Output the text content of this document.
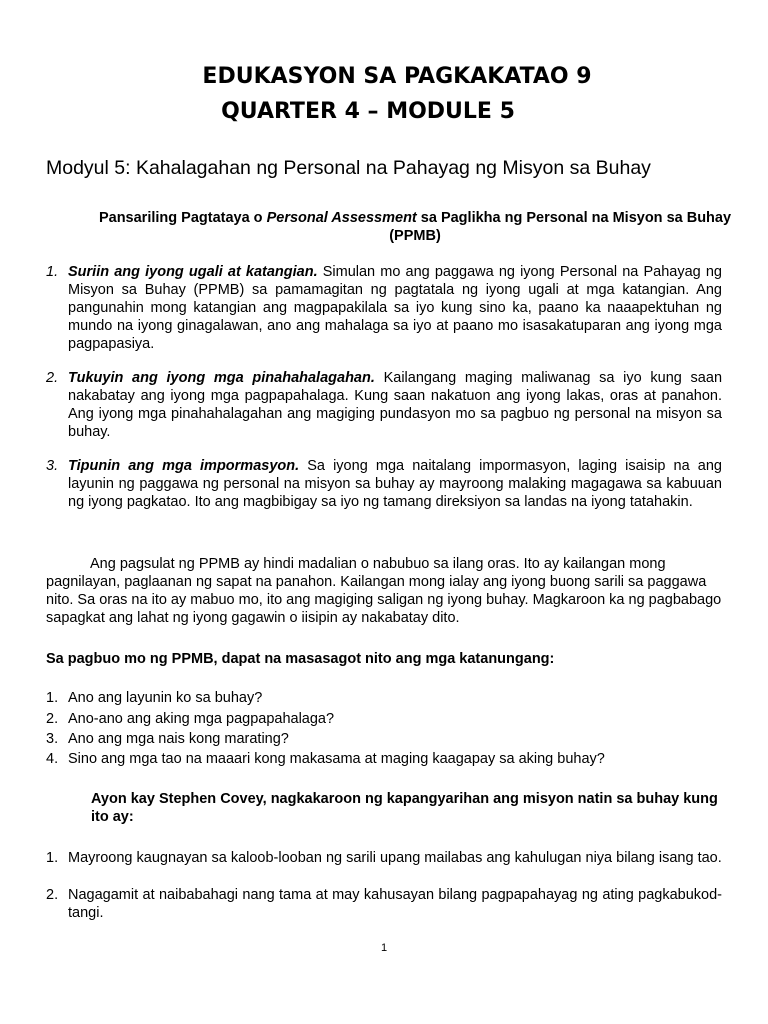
EDUKASYON SA PAGKAKATAO 9
QUARTER 4 – MODULE 5
Modyul 5: Kahalagahan ng Personal na Pahayag ng Misyon sa Buhay

Pansariling Pagtataya o Personal Assessment sa Paglikha ng Personal na Misyon sa Buhay (PPMB)

1. Suriin ang iyong ugali at katangian. Simulan mo ang paggawa ng iyong Personal na Pahayag ng Misyon sa Buhay (PPMB) sa pamamagitan ng pagtatala ng iyong ugali at mga katangian. Ang pangunahin mong katangian ang magpapakilala sa iyo kung sino ka, paano ka naaapektuhan ng mundo na iyong ginagalawan, ano ang mahalaga sa iyo at paano mo isasakatuparan ang iyong mga pagpapasiya.

2. Tukuyin ang iyong mga pinahahalagahan. Kailangang maging maliwanag sa iyo kung saan nakabatay ang iyong mga pagpapahalaga. Kung saan nakatuon ang iyong lakas, oras at panahon. Ang iyong mga pinahahalagahan ang magiging pundasyon mo sa pagbuo ng personal na misyon sa buhay.

3. Tipunin ang mga impormasyon. Sa iyong mga naitalang impormasyon, laging isaisip na ang layunin ng paggawa ng personal na misyon sa buhay ay mayroong malaking magagawa sa kabuuan ng iyong pagkatao. Ito ang magbibigay sa iyo ng tamang direksiyon sa landas na iyong tatahakin.

Ang pagsulat ng PPMB ay hindi madalian o nabubuo sa ilang oras. Ito ay kailangan mong pagnilayan, paglaanan ng sapat na panahon. Kailangan mong ialay ang iyong buong sarili sa paggawa nito. Sa oras na ito ay mabuo mo, ito ang magiging saligan ng iyong buhay. Magkaroon ka ng pagbabago sapagkat ang lahat ng iyong gagawin o iisipin ay nakabatay dito.

Sa pagbuo mo ng PPMB, dapat na masasagot nito ang mga katanungang:

1. Ano ang layunin ko sa buhay?
2. Ano-ano ang aking mga pagpapahalaga?
3. Ano ang mga nais kong marating?
4. Sino ang mga tao na maaari kong makasama at maging kaagapay sa aking buhay?

Ayon kay Stephen Covey, nagkakaroon ng kapangyarihan ang misyon natin sa buhay kung ito ay:

1. Mayroong kaugnayan sa kaloob-looban ng sarili upang mailabas ang kahulugan niya bilang isang tao.
2. Nagagamit at naibabahagi nang tama at may kahusayan bilang pagpapahayag ng ating pagkabukod-tangi.
1
